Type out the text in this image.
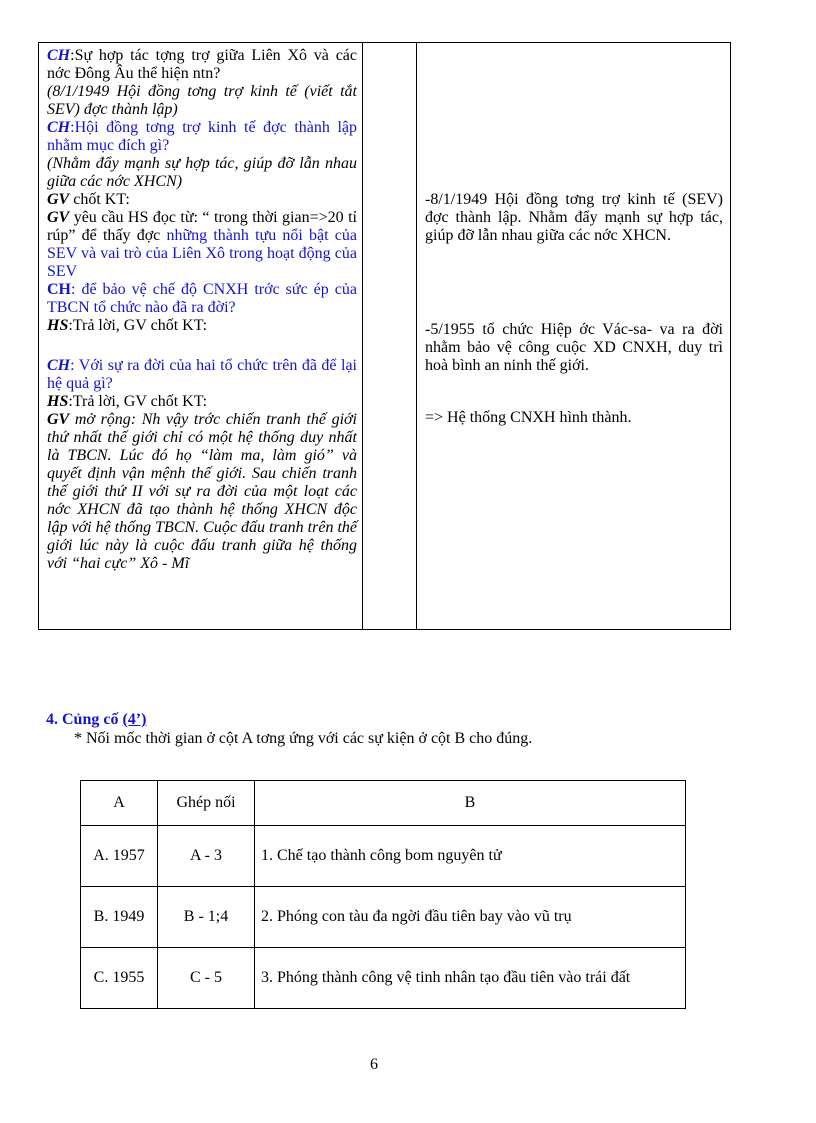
CH:Sự hợp tác tợng trợ giữa Liên Xô và các nớc Đông Âu thể hiện ntn?

(8/1/1949 Hội đồng tơng trợ kinh tế (viết tắt SEV) đợc thành lập)

CH:Hội đồng tơng trợ kinh tế đợc thành lập nhằm mục đích gì?

(Nhằm đẩy mạnh sự hợp tác, giúp đỡ lẫn nhau giữa các nớc XHCN)

GV chốt KT:

GV yêu cầu HS đọc từ: “ trong thời gian=>20 tỉ rúp” để thấy đợc những thành tựu nổi bật của SEV và vai trò của Liên Xô trong hoạt động của SEV

CH: để bảo vệ chế độ CNXH trớc sức ép của TBCN tổ chức nào đã ra đời?

HS:Trả lời, GV chốt KT:

CH: Với sự ra đời của hai tổ chức trên đã để lại hệ quả gì?

HS:Trả lời, GV chốt KT:

GV mở rộng: Nh vậy trớc chiến tranh thế giới thứ nhất thế giới chỉ có một hệ thống duy nhất là TBCN. Lúc đó họ “làm ma, làm gió” và quyết định vận mệnh thế giới. Sau chiến tranh thế giới thứ II với sự ra đời của một loạt các nớc XHCN đã tạo thành hệ thống XHCN độc lập với hệ thống TBCN. Cuộc đấu tranh trên thế giới lúc này là cuộc đấu tranh giữa hệ thống với “hai cực” Xô - Mĩ

-8/1/1949 Hội đồng tơng trợ kinh tế (SEV) đợc thành lập. Nhằm đẩy mạnh sự hợp tác, giúp đỡ lẫn nhau giữa các nớc XHCN.

-5/1955 tổ chức Hiệp ớc Vác-sa- va ra đời nhằm bảo vệ công cuộc XD CNXH, duy trì hoà bình an ninh thế giới.

=> Hệ thống CNXH hình thành.

4. Củng cố (4’)
* Nối mốc thời gian ở cột A tơng ứng với các sự kiện ở cột B cho đúng.
A	Ghép nối	B
A. 1957	A - 3	1. Chế tạo thành công bom nguyên tử
B. 1949	B - 1;4	2. Phóng con tàu đa ngời đầu tiên bay vào vũ trụ
C. 1955	C - 5	3. Phóng thành công vệ tinh nhân tạo đầu tiên vào trái đất
6
